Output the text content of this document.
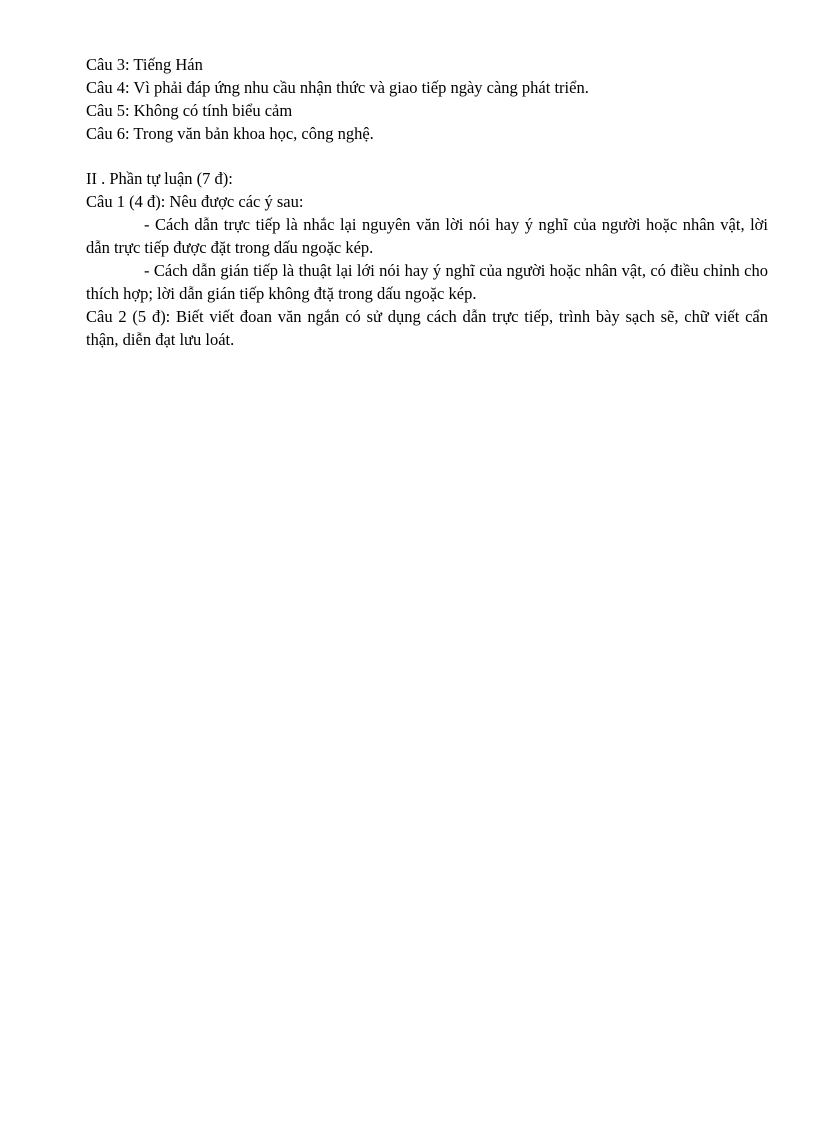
Câu 3: Tiếng Hán
Câu 4: Vì phải đáp ứng nhu cầu nhận thức và giao tiếp ngày càng phát triển.
Câu 5: Không có tính biểu cảm
Câu 6: Trong văn bản khoa học, công nghệ.
II . Phần tự luận (7 đ):
Câu 1 (4 đ): Nêu được các ý sau:
- Cách dẫn trực tiếp là nhắc lại nguyên văn lời nói hay ý nghĩ của người hoặc nhân vật, lời dẫn trực tiếp được đặt trong dấu ngoặc kép.
- Cách dẫn gián tiếp là thuật lại lới nói hay ý nghĩ của người hoặc nhân vật, có điều chỉnh cho thích hợp; lời dẫn gián tiếp không đtặ trong dấu ngoặc kép.
Câu 2 (5 đ): Biết viết đoan văn ngắn có sử dụng cách dẫn trực tiếp, trình bày sạch sẽ, chữ viết cẩn thận, diễn đạt lưu loát.
